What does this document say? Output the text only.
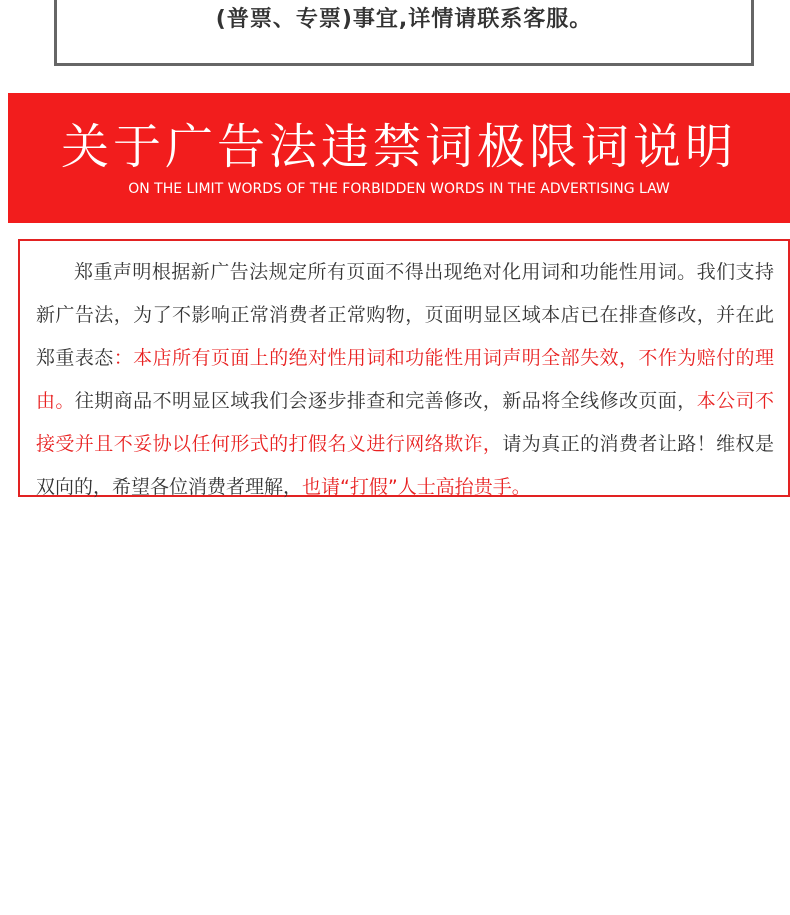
(普票、专票)事宜,详情请联系客服。
关于广告法违禁词极限词说明
ON THE LIMIT WORDS OF THE FORBIDDEN WORDS IN THE ADVERTISING LAW

郑重声明根据新广告法规定所有页面不得出现绝对化用词和功能性用词。我们支持新广告法，为了不影响正常消费者正常购物，页面明显区域本店已在排查修改，并在此郑重表态：本店所有页面上的绝对性用词和功能性用词声明全部失效，不作为赔付的理由。往期商品不明显区域我们会逐步排查和完善修改，新品将全线修改页面，本公司不接受并且不妥协以任何形式的打假名义进行网络欺诈，请为真正的消费者让路！维权是双向的，希望各位消费者理解，也请“打假”人士高抬贵手。
